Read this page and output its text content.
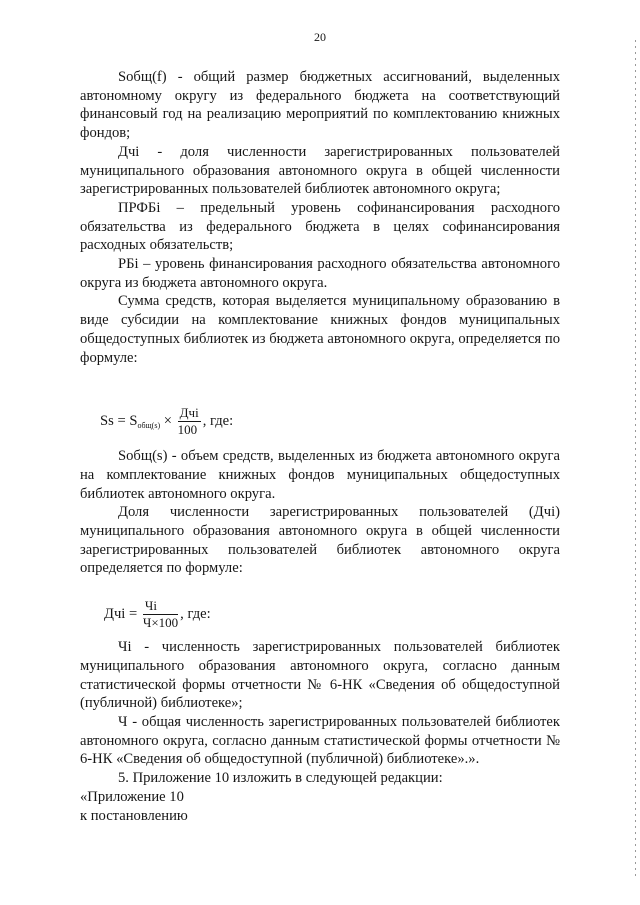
20

Sобщ(f) - общий размер бюджетных ассигнований, выделенных автономному округу из федерального бюджета на соответствующий финансовый год на реализацию мероприятий по комплектованию книжных фондов;

Дчi - доля численности зарегистрированных пользователей муниципального образования автономного округа в общей численности зарегистрированных пользователей библиотек автономного округа;

ПРФБi – предельный уровень софинансирования расходного обязательства из федерального бюджета в целях софинансирования расходных обязательств;

РБi – уровень финансирования расходного обязательства автономного округа из бюджета автономного округа.

Сумма средств, которая выделяется муниципальному образованию в виде субсидии на комплектование книжных фондов муниципальных общедоступных библиотек из бюджета автономного округа, определяется по формуле:

$Ss = S_{общ(s)} \times \frac{\text{Дчi}}{100}$ , где:

Sобщ(s) - объем средств, выделенных из бюджета автономного округа на комплектование книжных фондов муниципальных общедоступных библиотек автономного округа.

Доля численности зарегистрированных пользователей (Дчi) муниципального образования автономного округа в общей численности зарегистрированных пользователей библиотек автономного округа определяется по формуле:

Дчi = $\frac{Чi}{Ч\times 100}$ , где:

Чi - численность зарегистрированных пользователей библиотек муниципального образования автономного округа, согласно данным статистической формы отчетности № 6-НК «Сведения об общедоступной (публичной) библиотеке»;

Ч - общая численность зарегистрированных пользователей библиотек автономного округа, согласно данным статистической формы отчетности № 6-НК «Сведения об общедоступной (публичной) библиотеке».».

5. Приложение 10 изложить в следующей редакции:

«Приложение 10

к постановлению
